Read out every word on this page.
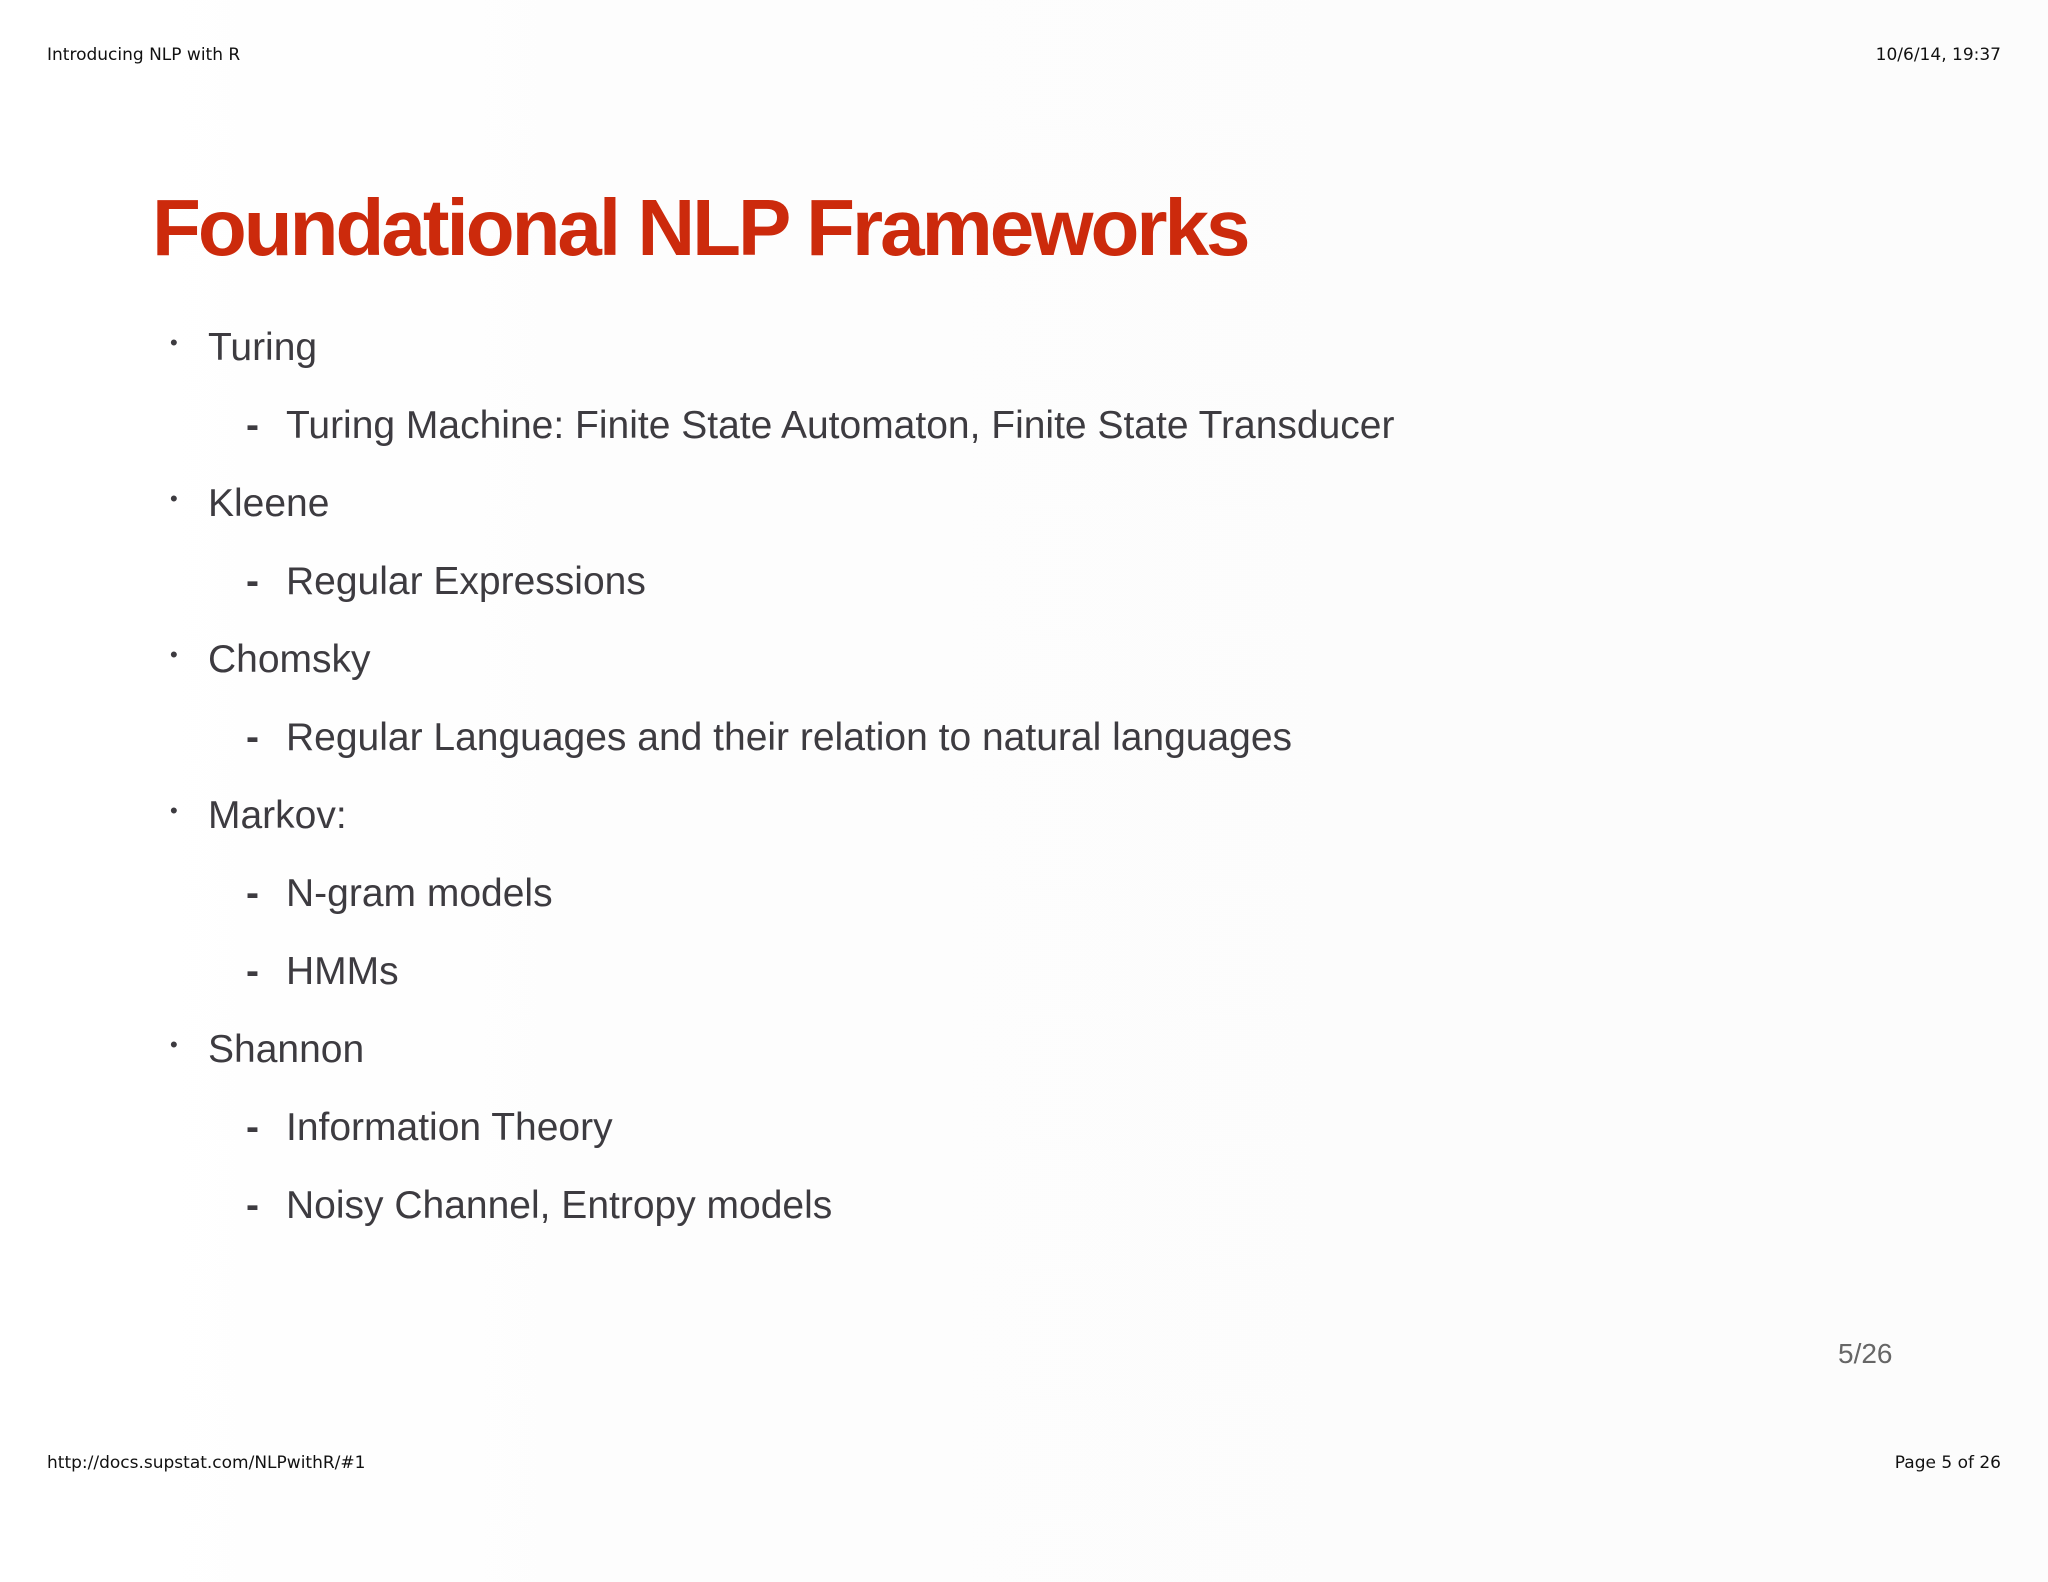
Foundational NLP Frameworks
• Turing
- Turing Machine: Finite State Automaton, Finite State Transducer
• Kleene
- Regular Expressions
• Chomsky
- Regular Languages and their relation to natural languages
• Markov:
- N-gram models
- HMMs
• Shannon
- Information Theory
- Noisy Channel, Entropy models
5/26
Introducing NLP with R	10/6/14, 19:37
http://docs.supstat.com/NLPwithR/#1	Page 5 of 26
